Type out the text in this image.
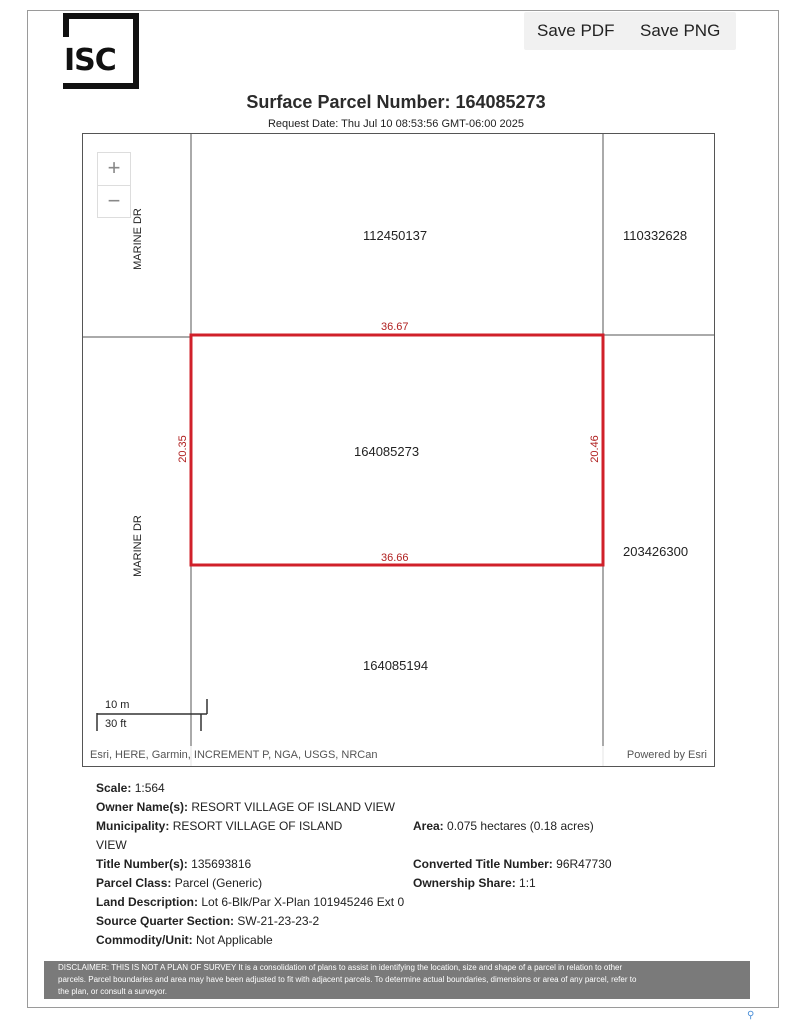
ISC
Save PDF Save PNG
Surface Parcel Number: 164085273
Request Date: Thu Jul 10 08:53:56 GMT-06:00 2025
+
−
112450137	110332628
164085273
203426300
164085194
36.67
36.66
20.35	20.46
MARINE DR
MARINE DR
10 m
30 ft
Esri, HERE, Garmin, INCREMENT P, NGA, USGS, NRCan	Powered by Esri
Scale: 1:564
Owner Name(s): RESORT VILLAGE OF ISLAND VIEW
Municipality: RESORT VILLAGE OF ISLAND
VIEW
Area: 0.075 hectares (0.18 acres)
Title Number(s): 135693816	Converted Title Number: 96R47730
Parcel Class: Parcel (Generic)	Ownership Share: 1:1
Land Description: Lot 6-Blk/Par X-Plan 101945246 Ext 0
Source Quarter Section: SW-21-23-23-2
Commodity/Unit: Not Applicable
DISCLAIMER: THIS IS NOT A PLAN OF SURVEY It is a consolidation of plans to assist in identifying the location, size and shape of a parcel in relation to other
parcels. Parcel boundaries and area may have been adjusted to fit with adjacent parcels. To determine actual boundaries, dimensions or area of any parcel, refer to
the plan, or consult a surveyor.
⚲
